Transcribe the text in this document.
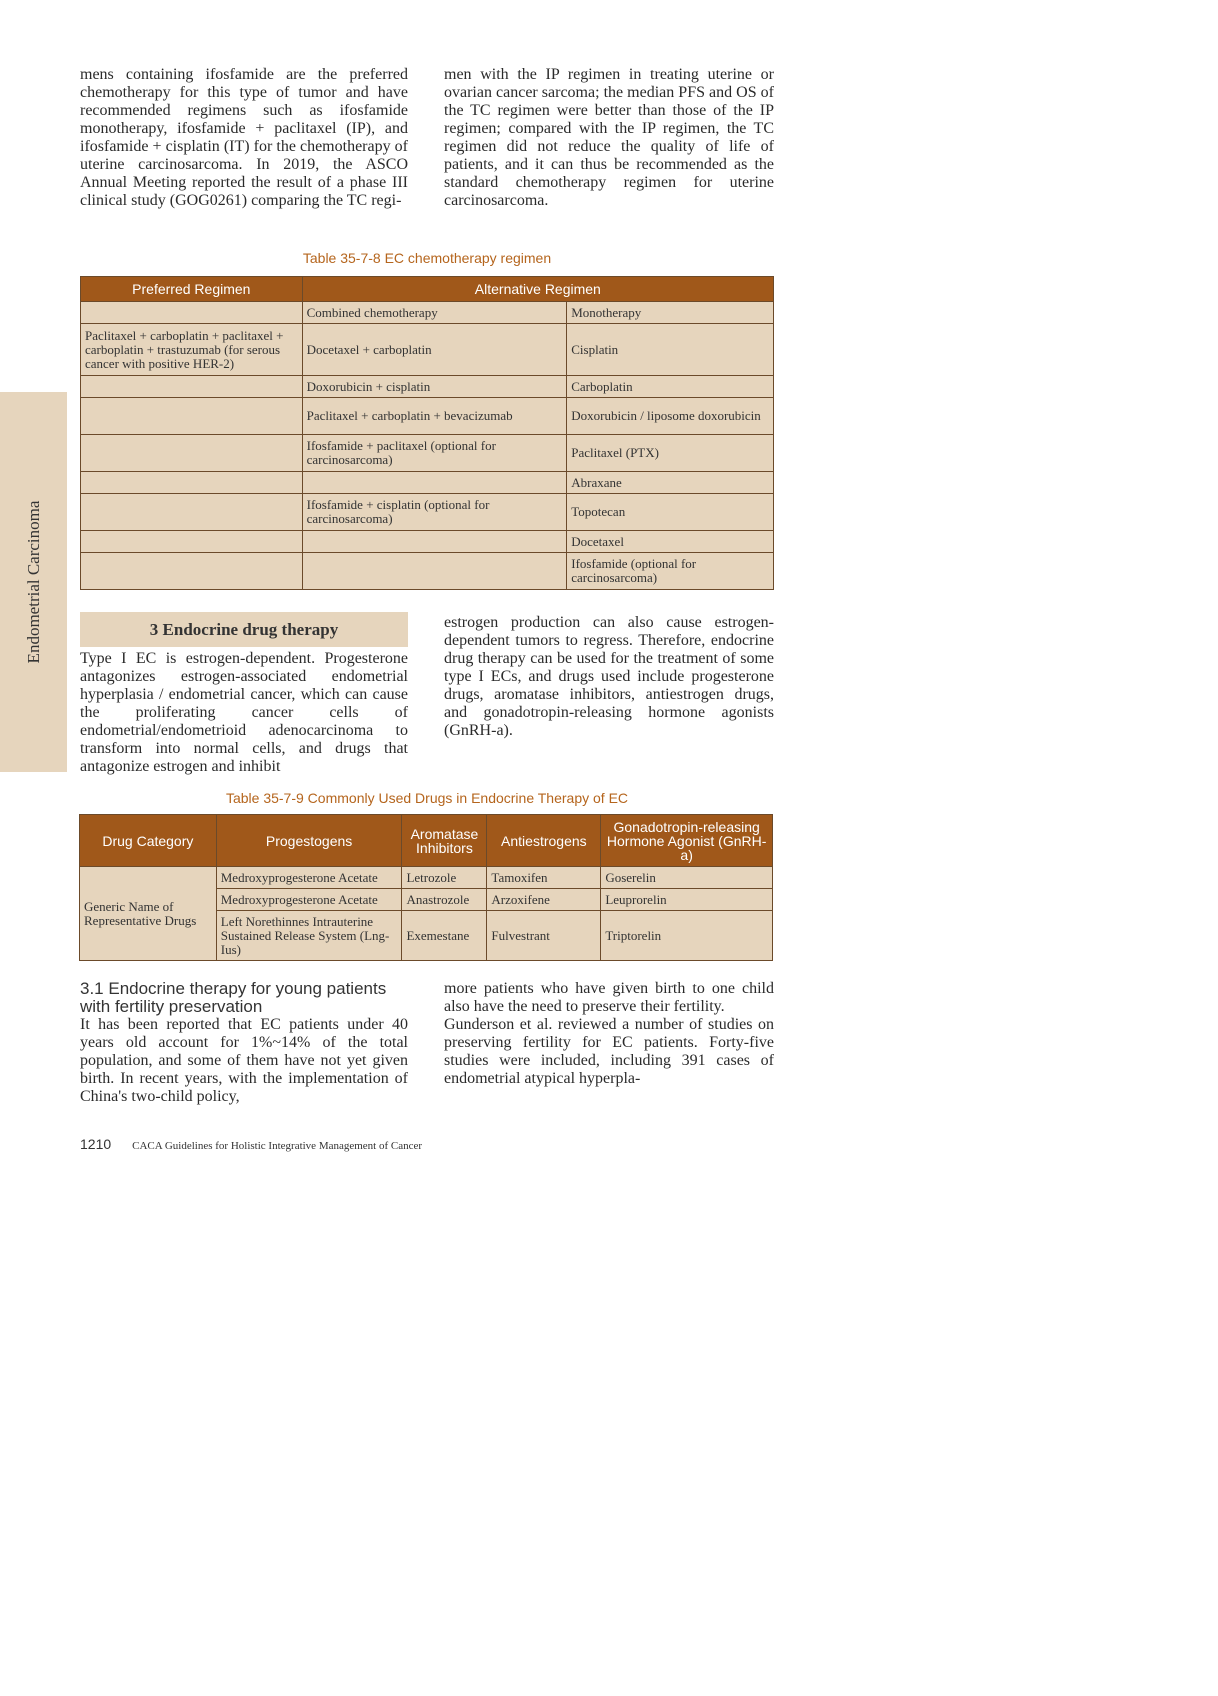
Endometrial Carcinoma

mens containing ifosfamide are the preferred chemotherapy for this type of tumor and have recommended regimens such as ifosfamide monotherapy, ifosfamide + paclitaxel (IP), and ifosfamide + cisplatin (IT) for the chemotherapy of uterine carcinosarcoma. In 2019, the ASCO Annual Meeting reported the result of a phase III clinical study (GOG0261) comparing the TC regi-

men with the IP regimen in treating uterine or ovarian cancer sarcoma; the median PFS and OS of the TC regimen were better than those of the IP regimen; compared with the IP regimen, the TC regimen did not reduce the quality of life of patients, and it can thus be recommended as the standard chemotherapy regimen for uterine carcinosarcoma.

Table 35-7-8 EC chemotherapy regimen
Preferred Regimen	Alternative Regimen	
	Combined chemotherapy	Monotherapy
Paclitaxel + carboplatin + paclitaxel + carboplatin + trastuzumab (for serous cancer with positive HER-2)	Docetaxel + carboplatin	Cisplatin
	Doxorubicin + cisplatin	Carboplatin
	Paclitaxel + carboplatin + bevacizumab	Doxorubicin / liposome doxorubicin
	Ifosfamide + paclitaxel (optional for carcinosarcoma)	Paclitaxel (PTX)
		Abraxane
	Ifosfamide + cisplatin (optional for carcinosarcoma)	Topotecan
		Docetaxel
		Ifosfamide (optional for carcinosarcoma)
3 Endocrine drug therapy

Type I EC is estrogen-dependent. Progesterone antagonizes estrogen-associated endometrial hyperplasia / endometrial cancer, which can cause the proliferating cancer cells of endometrial/endometrioid adenocarcinoma to transform into normal cells, and drugs that antagonize estrogen and inhibit

estrogen production can also cause estrogen-dependent tumors to regress. Therefore, endocrine drug therapy can be used for the treatment of some type I ECs, and drugs used include progesterone drugs, aromatase inhibitors, antiestrogen drugs, and gonadotropin-releasing hormone agonists (GnRH-a).

Table 35-7-9 Commonly Used Drugs in Endocrine Therapy of EC
Drug Category	Progestogens	Aromatase Inhibitors	Antiestrogens	Gonadotropin-releasing Hormone Agonist (GnRH-a)
Generic Name of Representative Drugs	Medroxyprogesterone Acetate	Letrozole	Tamoxifen	Goserelin
	Medroxyprogesterone Acetate	Anastrozole	Arzoxifene	Leuprorelin
	Left Norethinnes Intrauterine Sustained Release System (Lng-Ius)	Exemestane	Fulvestrant	Triptorelin

3.1 Endocrine therapy for young patients with fertility preservation

It has been reported that EC patients under 40 years old account for 1%~14% of the total population, and some of them have not yet given birth. In recent years, with the implementation of China's two-child policy,

more patients who have given birth to one child also have the need to preserve their fertility.

Gunderson et al. reviewed a number of studies on preserving fertility for EC patients. Forty-five studies were included, including 391 cases of endometrial atypical hyperpla-

1210 CACA Guidelines for Holistic Integrative Management of Cancer
